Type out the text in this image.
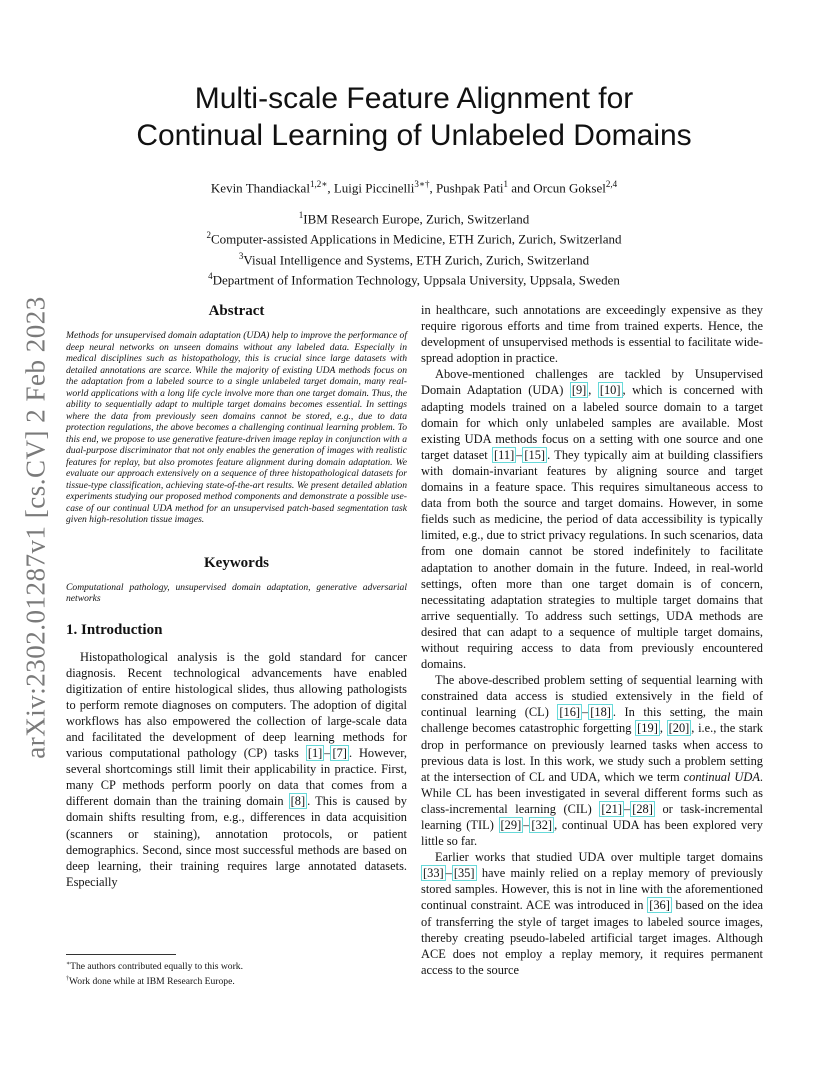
arXiv:2302.01287v1 [cs.CV] 2 Feb 2023
Multi-scale Feature Alignment for
Continual Learning of Unlabeled Domains
Kevin Thandiackal$^{1,2∗}$, Luigi Piccinelli$^{3∗\dagger}$, Pushpak Pati$^1$ and Orcun Goksel$^{2,4}$
$^1$IBM Research Europe, Zurich, Switzerland
$^2$Computer-assisted Applications in Medicine, ETH Zurich, Zurich, Switzerland
$^3$Visual Intelligence and Systems, ETH Zurich, Zurich, Switzerland
$^4$Department of Information Technology, Uppsala University, Uppsala, Sweden
Abstract
Methods for unsupervised domain adaptation (UDA) help to improve the performance of deep neural networks on unseen domains without any labeled data. Especially in medical disciplines such as histopathology, this is crucial since large datasets with detailed annotations are scarce. While the majority of existing UDA methods focus on the adaptation from a labeled source to a single unlabeled target domain, many real-world applications with a long life cycle involve more than one target domain. Thus, the ability to sequentially adapt to multiple target domains becomes essential. In settings where the data from previously seen domains cannot be stored, e.g., due to data protection regulations, the above becomes a challenging continual learning problem. To this end, we propose to use generative feature-driven image replay in conjunction with a dual-purpose discriminator that not only enables the generation of images with realistic features for replay, but also promotes feature alignment during domain adaptation. We evaluate our approach extensively on a sequence of three histopathological datasets for tissue-type classification, achieving state-of-the-art results. We present detailed ablation experiments studying our proposed method components and demonstrate a possible use-case of our continual UDA method for an unsupervised patch-based segmentation task given high-resolution tissue images.
Keywords
Computational pathology, unsupervised domain adaptation, generative adversarial networks
1. Introduction

Histopathological analysis is the gold standard for cancer diagnosis. Recent technological advancements have enabled digitization of entire histological slides, thus allowing pathologists to perform remote diagnoses on computers. The adoption of digital workflows has also empowered the collection of large-scale data and facilitated the development of deep learning methods for various computational pathology (CP) tasks [1] – [7] . However, several shortcomings still limit their applicability in practice. First, many CP methods perform poorly on data that comes from a different domain than the training domain [8] . This is caused by domain shifts resulting from, e.g., differences in data acquisition (scanners or staining), annotation protocols, or patient demographics. Second, since most successful methods are based on deep learning, their training requires large annotated datasets. Especially

∗The authors contributed equally to this work.
†Work done while at IBM Research Europe.

in healthcare, such annotations are exceedingly expensive as they require rigorous efforts and time from trained experts. Hence, the development of unsupervised methods is essential to facilitate wide-spread adoption in practice.

Above-mentioned challenges are tackled by Unsupervised Domain Adaptation (UDA) [9] , [10] , which is concerned with adapting models trained on a labeled source domain to a target domain for which only unlabeled samples are available. Most existing UDA methods focus on a setting with one source and one target dataset [11] – [15] . They typically aim at building classifiers with domain-invariant features by aligning source and target domains in a feature space. This requires simultaneous access to data from both the source and target domains. However, in some fields such as medicine, the period of data accessibility is typically limited, e.g., due to strict privacy regulations. In such scenarios, data from one domain cannot be stored indefinitely to facilitate adaptation to another domain in the future. Indeed, in real-world settings, often more than one target domain is of concern, necessitating adaptation strategies to multiple target domains that arrive sequentially. To address such settings, UDA methods are desired that can adapt to a sequence of multiple target domains, without requiring access to data from previously encountered domains.

The above-described problem setting of sequential learning with constrained data access is studied extensively in the field of continual learning (CL) [16] – [18] . In this setting, the main challenge becomes catastrophic forgetting [19] , [20] , i.e., the stark drop in performance on previously learned tasks when access to previous data is lost. In this work, we study such a problem setting at the intersection of CL and UDA, which we term continual UDA. While CL has been investigated in several different forms such as class-incremental learning (CIL) [21] – [28] or task-incremental learning (TIL) [29] – [32] , continual UDA has been explored very little so far.

Earlier works that studied UDA over multiple target domains [33] – [35] have mainly relied on a replay memory of previously stored samples. However, this is not in line with the aforementioned continual constraint. ACE was introduced in [36] based on the idea of transferring the style of target images to labeled source images, thereby creating pseudo-labeled artificial target images. Although ACE does not employ a replay memory, it requires permanent access to the source
